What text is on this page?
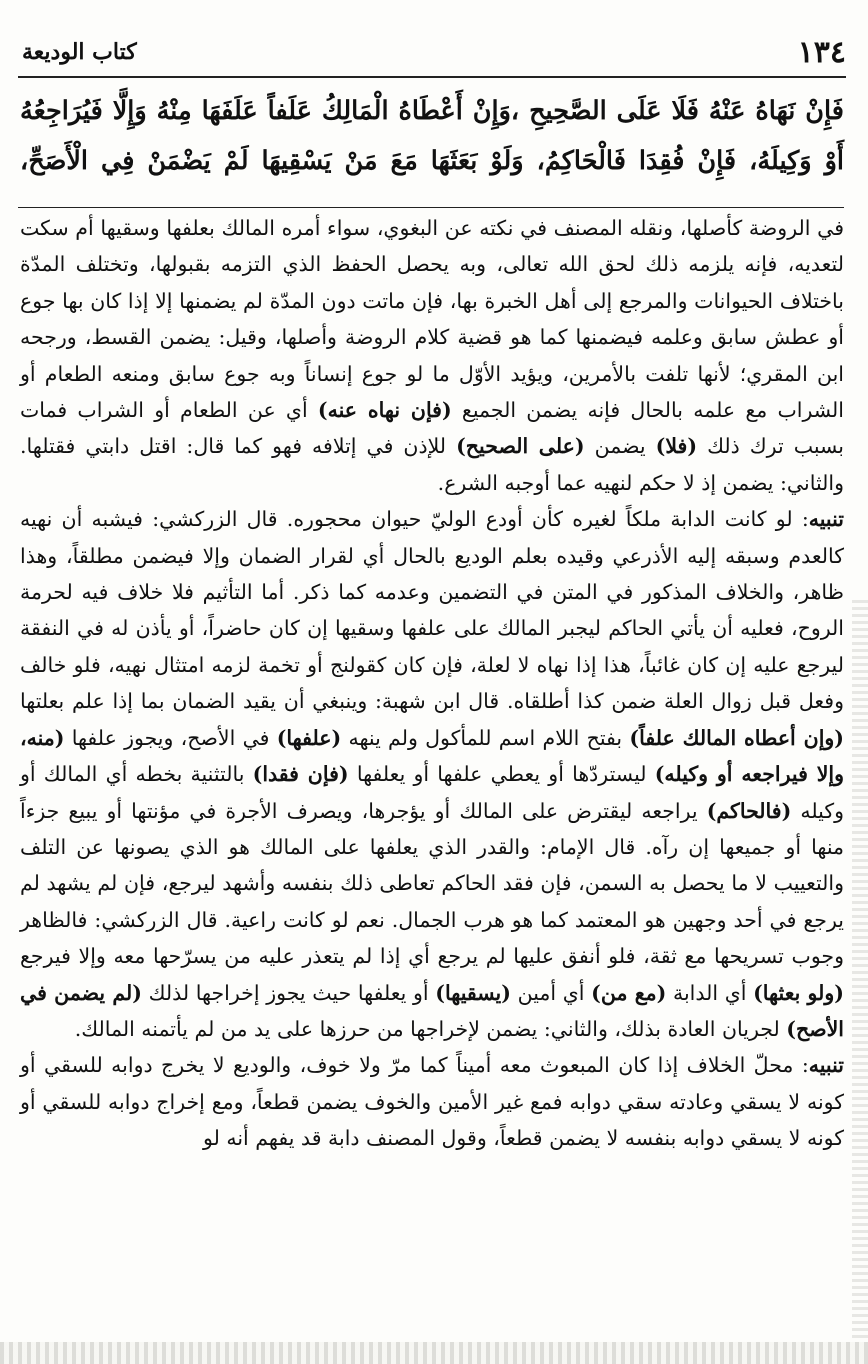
١٣٤
كتاب الوديعة
فَإِنْ نَهَاهُ عَنْهُ فَلَا عَلَى الصَّحِيحِ ،وَإِنْ أَعْطَاهُ الْمَالِكُ عَلَفاً عَلَفَهَا مِنْهُ وَإِلَّا فَيُرَاجِعُهُ أَوْ وَكِيلَهُ، فَإِنْ فُقِدَا فَالْحَاكِمُ، وَلَوْ بَعَثَهَا مَعَ مَنْ يَسْقِيهَا لَمْ يَضْمَنْ فِي الْأَصَحِّ،

في الروضة كأصلها، ونقله المصنف في نكته عن البغوي، سواء أمره المالك بعلفها وسقيها أم سكت لتعديه، فإنه يلزمه ذلك لحق الله تعالى، وبه يحصل الحفظ الذي التزمه بقبولها، وتختلف المدّة باختلاف الحيوانات والمرجع إلى أهل الخبرة بها، فإن ماتت دون المدّة لم يضمنها إلا إذا كان بها جوع أو عطش سابق وعلمه فيضمنها كما هو قضية كلام الروضة وأصلها، وقيل: يضمن القسط، ورجحه ابن المقري؛ لأنها تلفت بالأمرين، ويؤيد الأوّل ما لو جوع إنساناً وبه جوع سابق ومنعه الطعام أو الشراب مع علمه بالحال فإنه يضمن الجميع (فإن نهاه عنه) أي عن الطعام أو الشراب فمات بسبب ترك ذلك (فلا) يضمن (على الصحيح) للإذن في إتلافه فهو كما قال: اقتل دابتي فقتلها. والثاني: يضمن إذ لا حكم لنهيه عما أوجبه الشرع.

تنبيه: لو كانت الدابة ملكاً لغيره كأن أودع الوليّ حيوان محجوره. قال الزركشي: فيشبه أن نهيه كالعدم وسبقه إليه الأذرعي وقيده بعلم الوديع بالحال أي لقرار الضمان وإلا فيضمن مطلقاً، وهذا ظاهر، والخلاف المذكور في المتن في التضمين وعدمه كما ذكر. أما التأثيم فلا خلاف فيه لحرمة الروح، فعليه أن يأتي الحاكم ليجبر المالك على علفها وسقيها إن كان حاضراً، أو يأذن له في النفقة ليرجع عليه إن كان غائباً، هذا إذا نهاه لا لعلة، فإن كان كقولنج أو تخمة لزمه امتثال نهيه، فلو خالف وفعل قبل زوال العلة ضمن كذا أطلقاه. قال ابن شهبة: وينبغي أن يقيد الضمان بما إذا علم بعلتها (وإن أعطاه المالك علفاً) بفتح اللام اسم للمأكول ولم ينهه (علفها) في الأصح، ويجوز علفها (منه، وإلا فيراجعه أو وكيله) ليستردّها أو يعطي علفها أو يعلفها (فإن فقدا) بالتثنية بخطه أي المالك أو وكيله (فالحاكم) يراجعه ليقترض على المالك أو يؤجرها، ويصرف الأجرة في مؤنتها أو يبيع جزءاً منها أو جميعها إن رآه. قال الإمام: والقدر الذي يعلفها على المالك هو الذي يصونها عن التلف والتعييب لا ما يحصل به السمن، فإن فقد الحاكم تعاطى ذلك بنفسه وأشهد ليرجع، فإن لم يشهد لم يرجع في أحد وجهين هو المعتمد كما هو هرب الجمال. نعم لو كانت راعية. قال الزركشي: فالظاهر وجوب تسريحها مع ثقة، فلو أنفق عليها لم يرجع أي إذا لم يتعذر عليه من يسرّحها معه وإلا فيرجع (ولو بعثها) أي الدابة (مع من) أي أمين (يسقيها) أو يعلفها حيث يجوز إخراجها لذلك (لم يضمن في الأصح) لجريان العادة بذلك، والثاني: يضمن لإخراجها من حرزها على يد من لم يأتمنه المالك.

تنبيه: محلّ الخلاف إذا كان المبعوث معه أميناً كما مرّ ولا خوف، والوديع لا يخرج دوابه للسقي أو كونه لا يسقي وعادته سقي دوابه فمع غير الأمين والخوف يضمن قطعاً، ومع إخراج دوابه للسقي أو كونه لا يسقي دوابه بنفسه لا يضمن قطعاً، وقول المصنف دابة قد يفهم أنه لو
